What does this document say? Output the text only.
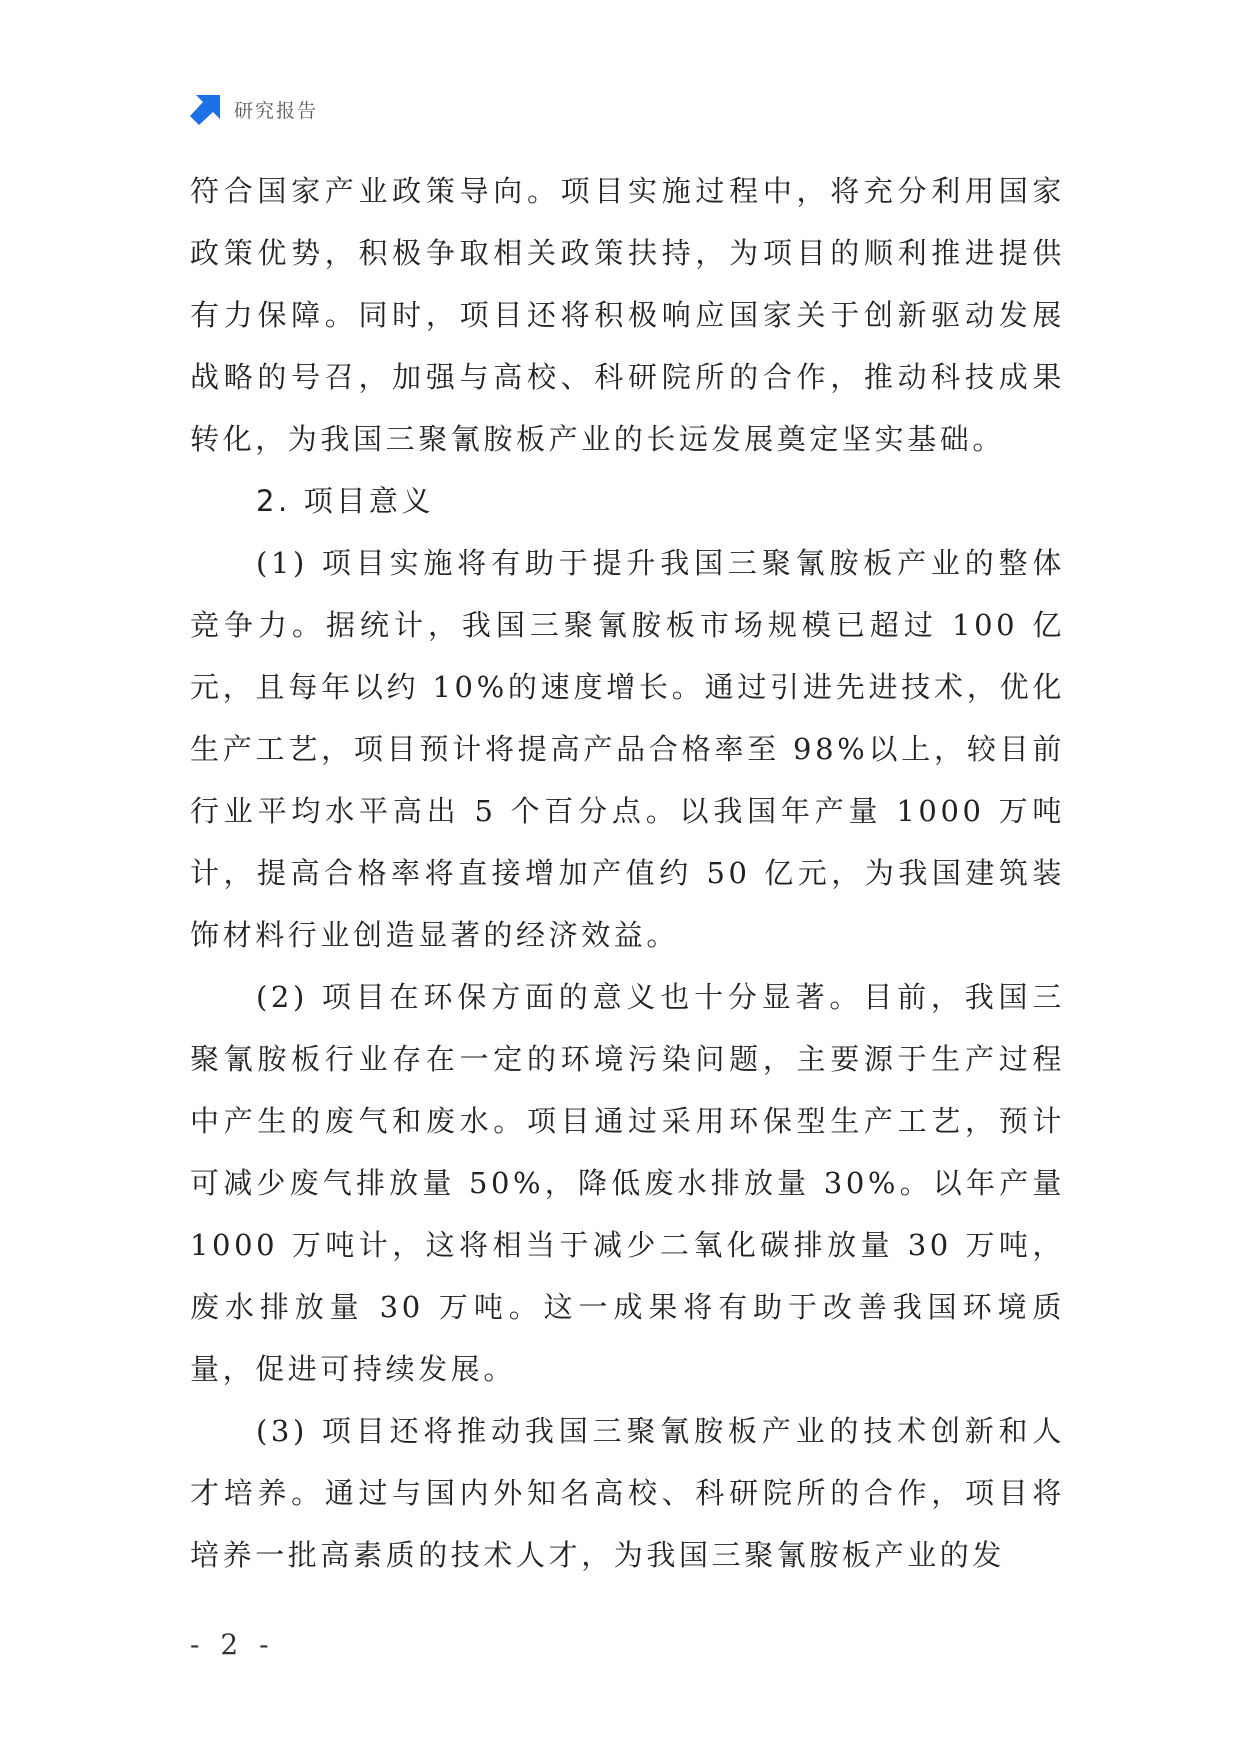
研究报告

符合国家产业政策导向。项目实施过程中，将充分利用国家政策优势，积极争取相关政策扶持，为项目的顺利推进提供有力保障。同时，项目还将积极响应国家关于创新驱动发展战略的号召，加强与高校、科研院所的合作，推动科技成果转化，为我国三聚氰胺板产业的长远发展奠定坚实基础。

2. 项目意义

(1) 项目实施将有助于提升我国三聚氰胺板产业的整体竞争力。据统计，我国三聚氰胺板市场规模已超过 100 亿元，且每年以约 10%的速度增长。通过引进先进技术，优化生产工艺，项目预计将提高产品合格率至 98%以上，较目前行业平均水平高出 5 个百分点。以我国年产量 1000 万吨计，提高合格率将直接增加产值约 50 亿元，为我国建筑装饰材料行业创造显著的经济效益。

(2) 项目在环保方面的意义也十分显著。目前，我国三聚氰胺板行业存在一定的环境污染问题，主要源于生产过程中产生的废气和废水。项目通过采用环保型生产工艺，预计可减少废气排放量 50%，降低废水排放量 30%。以年产量 1000 万吨计，这将相当于减少二氧化碳排放量 30 万吨，废水排放量 30 万吨。这一成果将有助于改善我国环境质量，促进可持续发展。

(3) 项目还将推动我国三聚氰胺板产业的技术创新和人才培养。通过与国内外知名高校、科研院所的合作，项目将培养一批高素质的技术人才，为我国三聚氰胺板产业的发

- 2 -
